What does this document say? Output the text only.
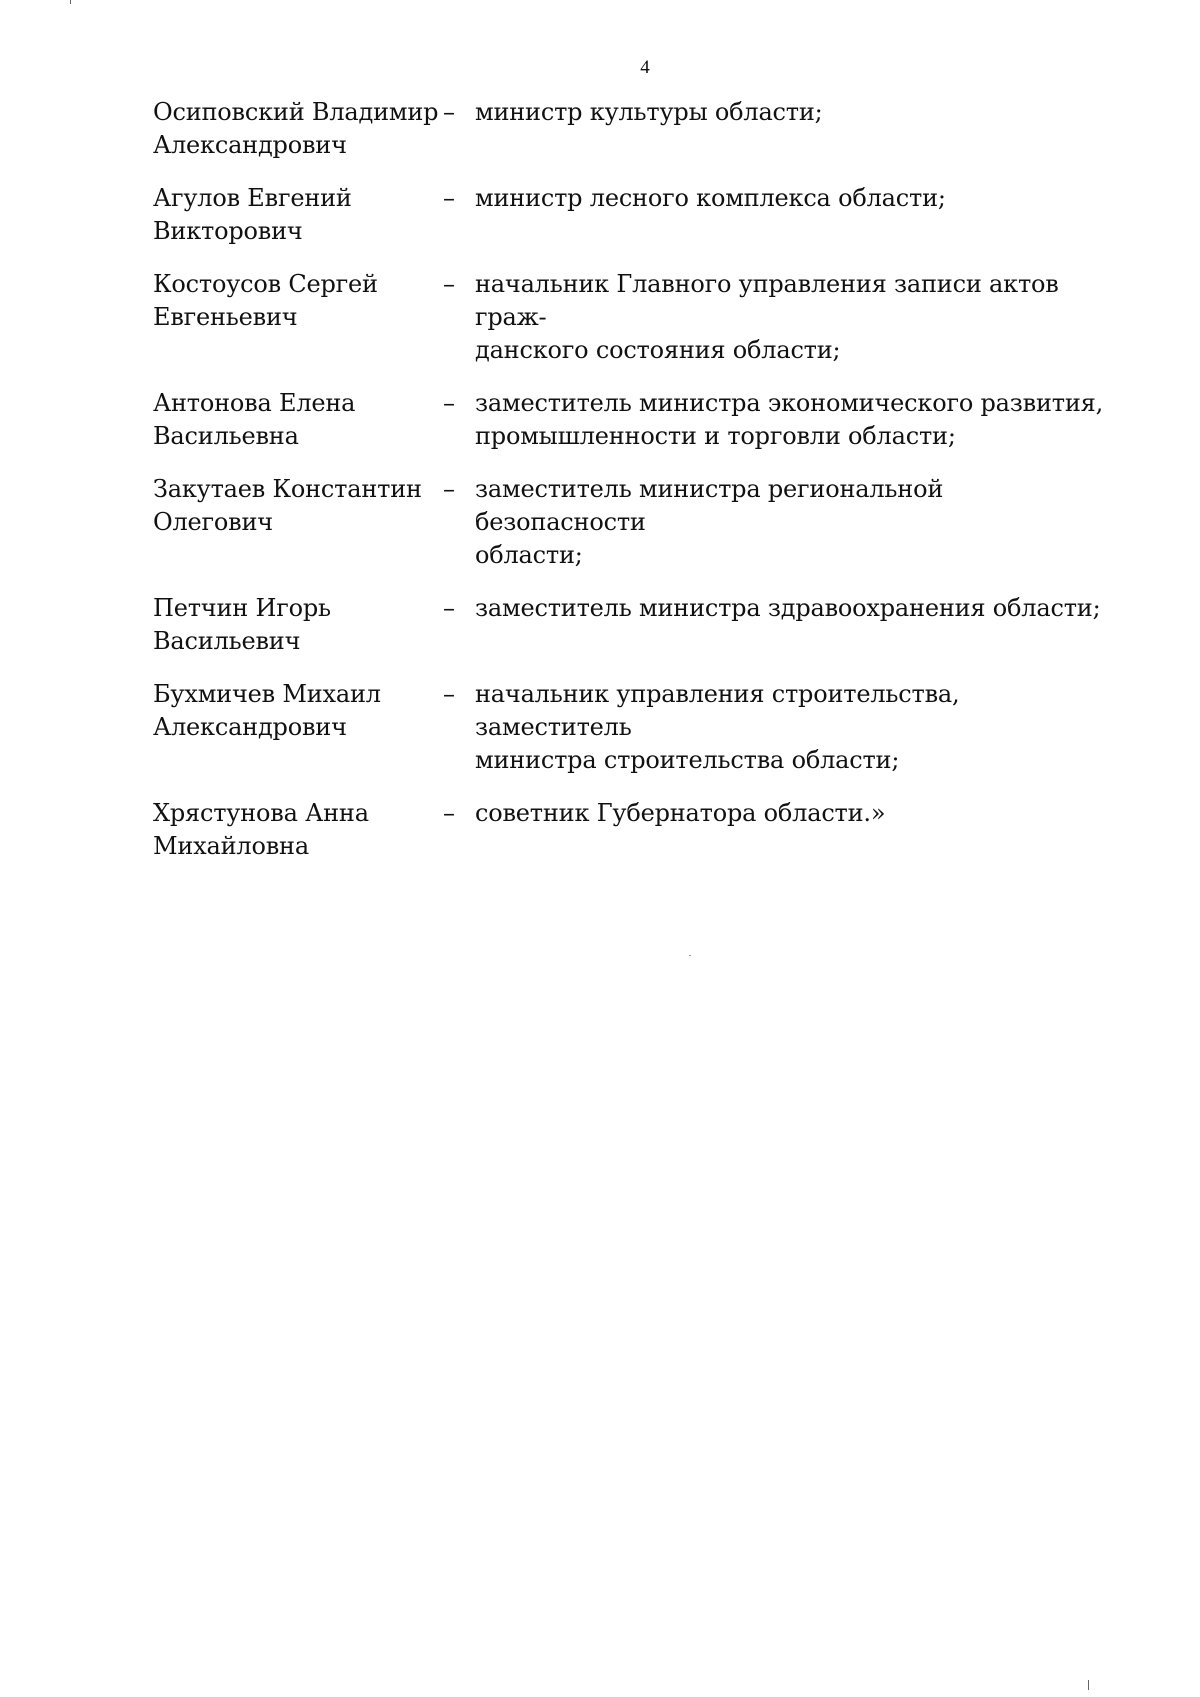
4
Осиповский Владимир
Александрович
– министр культуры области;
Агулов Евгений
Викторович
– министр лесного комплекса области;
Костоусов Сергей
Евгеньевич
– начальник Главного управления записи актов граж-
данского состояния области;
Антонова Елена
Васильевна
– заместитель министра экономического развития,
промышленности и торговли области;
Закутаев Константин
Олегович
– заместитель министра региональной безопасности
области;
Петчин Игорь
Васильевич
– заместитель министра здравоохранения области;
Бухмичев Михаил
Александрович
– начальник управления строительства, заместитель
министра строительства области;
Хрястунова Анна
Михайловна
– советник Губернатора области.»
